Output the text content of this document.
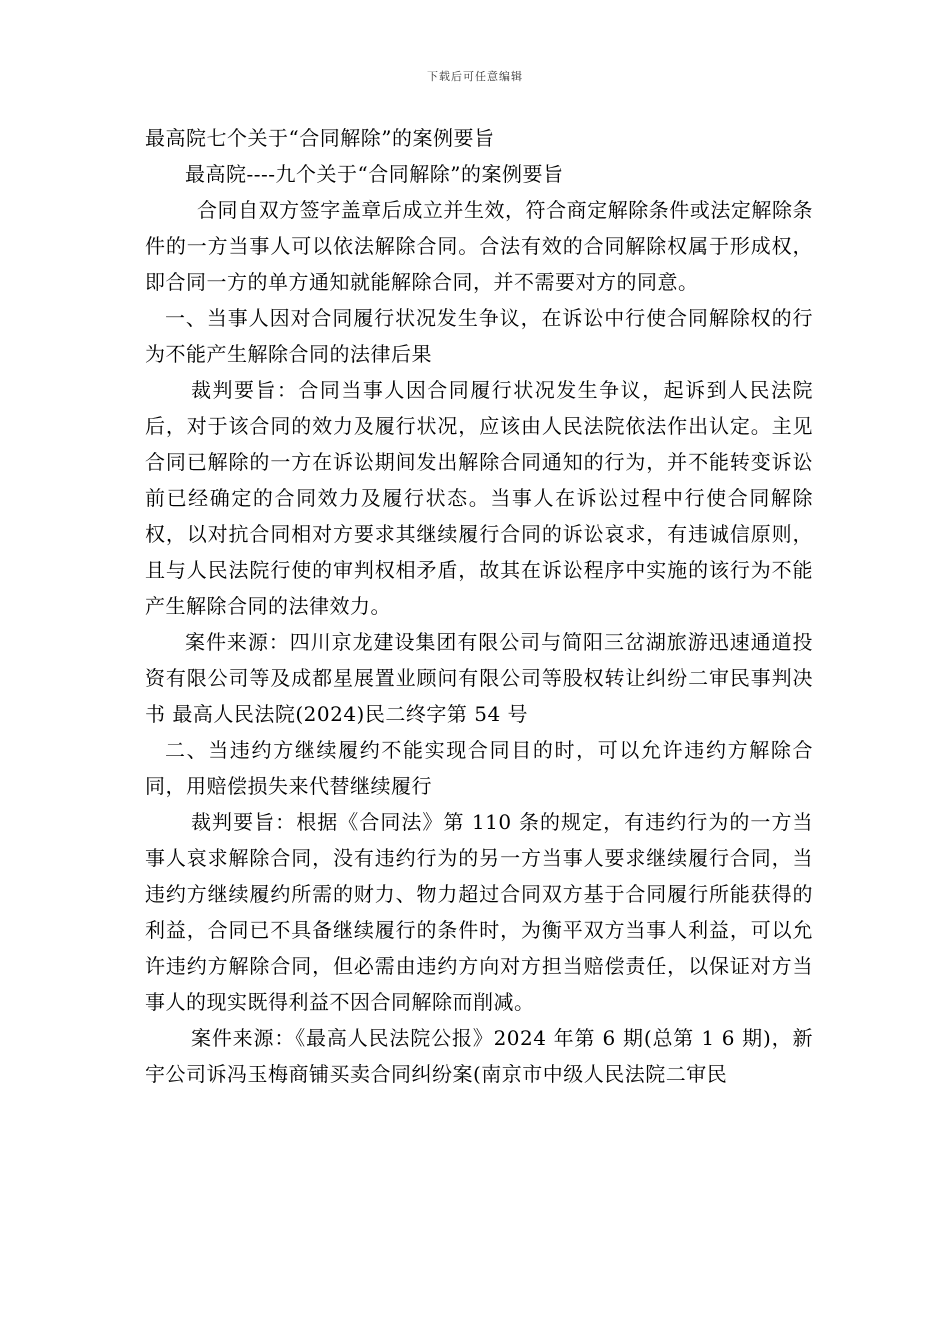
下载后可任意编辑

最高院七个关于“合同解除”的案例要旨

最高院----九个关于“合同解除”的案例要旨

合同自双方签字盖章后成立并生效，符合商定解除条件或法定解除条件的一方当事人可以依法解除合同。合法有效的合同解除权属于形成权，即合同一方的单方通知就能解除合同，并不需要对方的同意。

一、当事人因对合同履行状况发生争议，在诉讼中行使合同解除权的行为不能产生解除合同的法律后果

裁判要旨：合同当事人因合同履行状况发生争议，起诉到人民法院后，对于该合同的效力及履行状况，应该由人民法院依法作出认定。主见合同已解除的一方在诉讼期间发出解除合同通知的行为，并不能转变诉讼前已经确定的合同效力及履行状态。当事人在诉讼过程中行使合同解除权，以对抗合同相对方要求其继续履行合同的诉讼哀求，有违诚信原则，且与人民法院行使的审判权相矛盾，故其在诉讼程序中实施的该行为不能产生解除合同的法律效力。

案件来源：四川京龙建设集团有限公司与简阳三岔湖旅游迅速通道投资有限公司等及成都星展置业顾问有限公司等股权转让纠纷二审民事判决书 最高人民法院(2024)民二终字第 54 号

二、当违约方继续履约不能实现合同目的时，可以允许违约方解除合同，用赔偿损失来代替继续履行

裁判要旨：根据《合同法》第 110 条的规定，有违约行为的一方当事人哀求解除合同，没有违约行为的另一方当事人要求继续履行合同，当违约方继续履约所需的财力、物力超过合同双方基于合同履行所能获得的利益，合同已不具备继续履行的条件时，为衡平双方当事人利益，可以允许违约方解除合同，但必需由违约方向对方担当赔偿责任，以保证对方当事人的现实既得利益不因合同解除而削减。

案件来源：《最高人民法院公报》2024 年第 6 期(总第 1 6 期)，新宇公司诉冯玉梅商铺买卖合同纠纷案(南京市中级人民法院二审民
